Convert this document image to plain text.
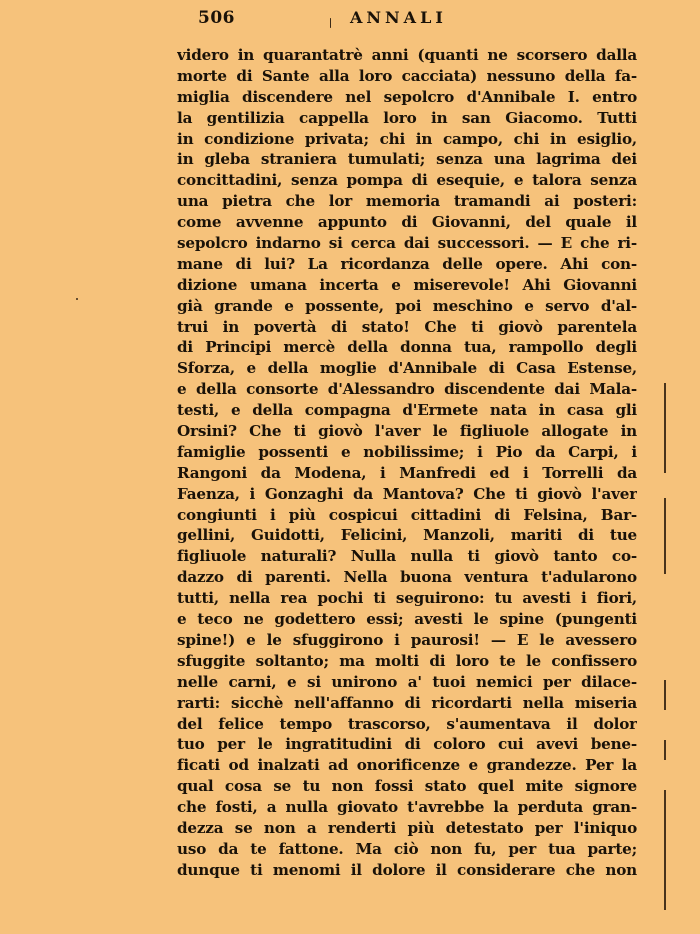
506	ANNALI
videro in quarantatrè anni (quanti ne scorsero dalla
morte di Sante alla loro cacciata) nessuno della fa-
miglia discendere nel sepolcro d'Annibale I. entro
la gentilizia cappella loro in san Giacomo. Tutti
in condizione privata; chi in campo, chi in esiglio,
in gleba straniera tumulati; senza una lagrima dei
concittadini, senza pompa di esequie, e talora senza
una pietra che lor memoria tramandi ai posteri:
come avvenne appunto di Giovanni, del quale il
sepolcro indarno si cerca dai successori. — E che ri-
mane di lui? La ricordanza delle opere. Ahi con-
dizione umana incerta e miserevole! Ahi Giovanni
già grande e possente, poi meschino e servo d'al-
trui in povertà di stato! Che ti giovò parentela
di Principi mercè della donna tua, rampollo degli
Sforza, e della moglie d'Annibale di Casa Estense,
e della consorte d'Alessandro discendente dai Mala-
testi, e della compagna d'Ermete nata in casa gli
Orsini? Che ti giovò l'aver le figliuole allogate in
famiglie possenti e nobilissime; i Pio da Carpi, i
Rangoni da Modena, i Manfredi ed i Torrelli da
Faenza, i Gonzaghi da Mantova? Che ti giovò l'aver
congiunti i più cospicui cittadini di Felsina, Bar-
gellini, Guidotti, Felicini, Manzoli, mariti di tue
figliuole naturali? Nulla nulla ti giovò tanto co-
dazzo di parenti. Nella buona ventura t'adularono
tutti, nella rea pochi ti seguirono: tu avesti i fiori,
e teco ne godettero essi; avesti le spine (pungenti
spine!) e le sfuggirono i paurosi! — E le avessero
sfuggite soltanto; ma molti di loro te le confissero
nelle carni, e si unirono a' tuoi nemici per dilace-
rarti: sicchè nell'affanno di ricordarti nella miseria
del felice tempo trascorso, s'aumentava il dolor
tuo per le ingratitudini di coloro cui avevi bene-
ficati od inalzati ad onorificenze e grandezze. Per la
qual cosa se tu non fossi stato quel mite signore
che fosti, a nulla giovato t'avrebbe la perduta gran-
dezza se non a renderti più detestato per l'iniquo
uso da te fattone. Ma ciò non fu, per tua parte;
dunque ti menomi il dolore il considerare che non
